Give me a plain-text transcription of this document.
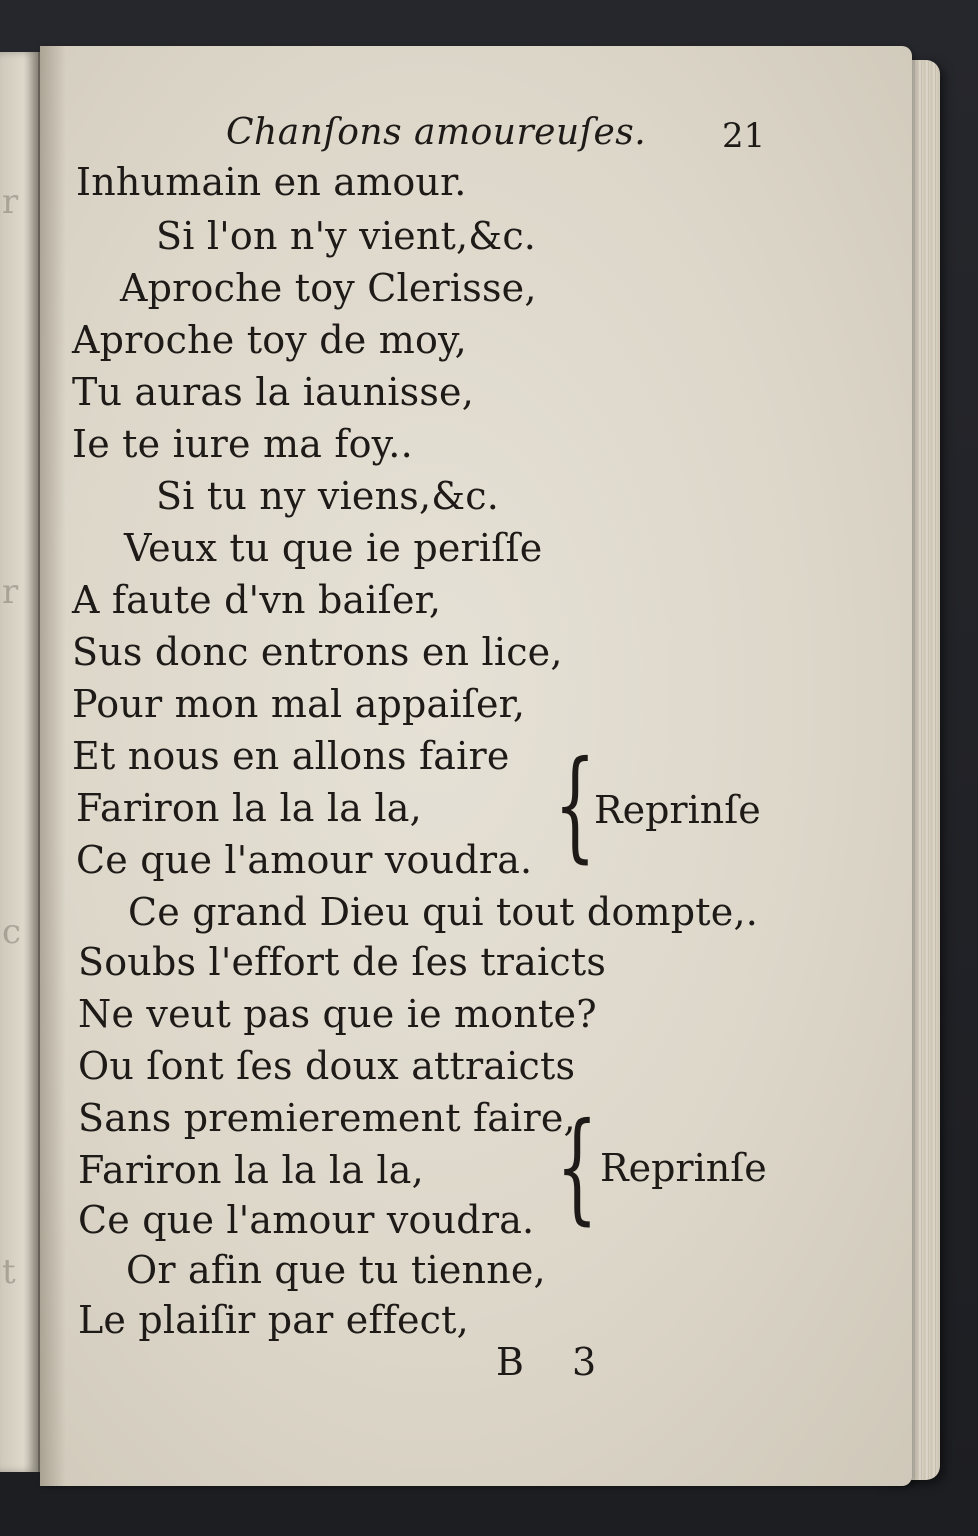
r
r
c
t
Chanſons amoureuſes. 21
Inhumain en amour.
Si l'on n'y vient,&c.
Aproche toy Clerisse,
Aproche toy de moy,
Tu auras la iaunisse,
Ie te iure ma foy..
Si tu ny viens,&c.
Veux tu que ie periſſe
A faute d'vn baiſer,
Sus donc entrons en lice,
Pour mon mal appaiſer,
Et nous en allons faire
Fariron la la la la,
Ce que l'amour voudra.
Ce grand Dieu qui tout dompte,.
Soubs l'effort de ſes traicts
Ne veut pas que ie monte?
Ou ſont ſes doux attraicts
Sans premierement faire,
Fariron la la la la,
Ce que l'amour voudra.
Or afin que tu tienne,
Le plaiſir par effect,
{
Reprinſe
{ Reprinſe
B 3
